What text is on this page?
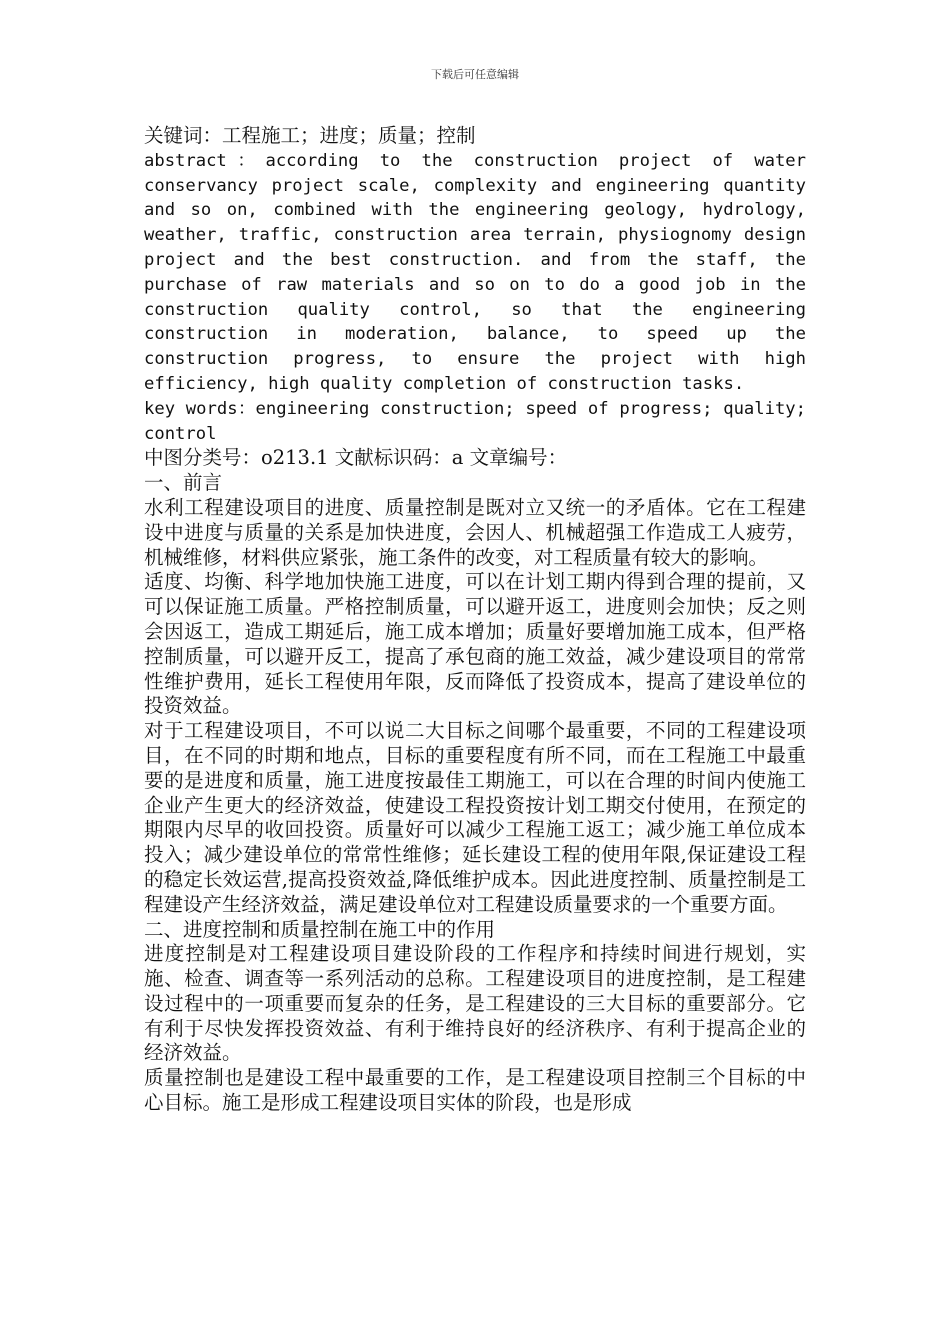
下载后可任意编辑

关键词：工程施工；进度；质量；控制

abstract：according to the construction project of water conservancy project scale, complexity and engineering quantity and so on, combined with the engineering geology, hydrology, weather, traffic, construction area terrain, physiognomy design project and the best construction. and from the staff, the purchase of raw materials and so on to do a good job in the construction quality control, so that the engineering construction in moderation, balance, to speed up the construction progress, to ensure the project with high efficiency, high quality completion of construction tasks.

key words：engineering construction; speed of progress; quality; control

中图分类号：o213.1 文献标识码：a 文章编号：

一、前言

水利工程建设项目的进度、质量控制是既对立又统一的矛盾体。它在工程建设中进度与质量的关系是加快进度，会因人、机械超强工作造成工人疲劳，机械维修，材料供应紧张，施工条件的改变，对工程质量有较大的影响。

适度、均衡、科学地加快施工进度，可以在计划工期内得到合理的提前，又可以保证施工质量。严格控制质量，可以避开返工，进度则会加快；反之则会因返工，造成工期延后，施工成本增加；质量好要增加施工成本，但严格控制质量，可以避开反工，提高了承包商的施工效益，减少建设项目的常常性维护费用，延长工程使用年限，反而降低了投资成本，提高了建设单位的投资效益。

对于工程建设项目，不可以说二大目标之间哪个最重要，不同的工程建设项目，在不同的时期和地点，目标的重要程度有所不同，而在工程施工中最重要的是进度和质量，施工进度按最佳工期施工，可以在合理的时间内使施工企业产生更大的经济效益，使建设工程投资按计划工期交付使用，在预定的期限内尽早的收回投资。质量好可以减少工程施工返工；减少施工单位成本投入；减少建设单位的常常性维修；延长建设工程的使用年限,保证建设工程的稳定长效运营,提高投资效益,降低维护成本。因此进度控制、质量控制是工程建设产生经济效益，满足建设单位对工程建设质量要求的一个重要方面。

二、进度控制和质量控制在施工中的作用

进度控制是对工程建设项目建设阶段的工作程序和持续时间进行规划，实施、检查、调查等一系列活动的总称。工程建设项目的进度控制，是工程建设过程中的一项重要而复杂的任务，是工程建设的三大目标的重要部分。它有利于尽快发挥投资效益、有利于维持良好的经济秩序、有利于提高企业的经济效益。

质量控制也是建设工程中最重要的工作，是工程建设项目控制三个目标的中心目标。施工是形成工程建设项目实体的阶段，也是形成
